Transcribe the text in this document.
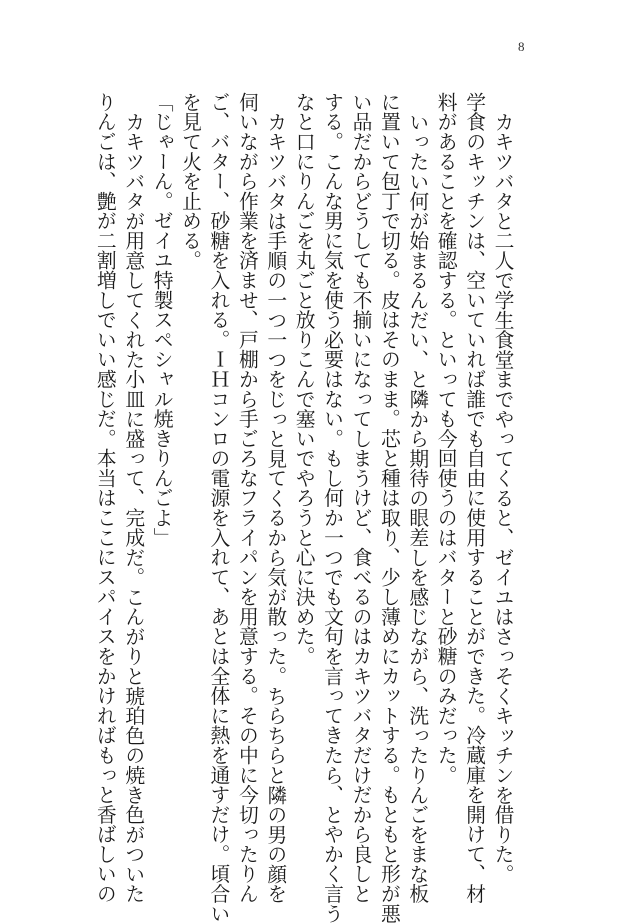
8

カキツバタと二人で学生食堂までやってくると、ゼイユはさっそくキッチンを借りた。

学食のキッチンは、空いていれば誰でも自由に使用することができた。冷蔵庫を開けて、材

料があることを確認する。といっても今回使うのはバターと砂糖のみだった。

いったい何が始まるんだい、と隣から期待の眼差しを感じながら、洗ったりんごをまな板

に置いて包丁で切る。皮はそのまま。芯と種は取り、少し薄めにカットする。もともと形が悪

い品だからどうしても不揃いになってしまうけど、食べるのはカキツバタだけだから良しと

する。こんな男に気を使う必要はない。もし何か一つでも文句を言ってきたら、とやかく言う

なと口にりんごを丸ごと放りこんで塞いでやろうと心に決めた。

カキツバタは手順の一つ一つをじっと見てくるから気が散った。ちらちらと隣の男の顔を

伺いながら作業を済ませ、戸棚から手ごろなフライパンを用意する。その中に今切ったりん

ご、バター、砂糖を入れる。ＩＨコンロの電源を入れて、あとは全体に熱を通すだけ。頃合い

を見て火を止める。

「じゃーん。ゼイユ特製スペシャル焼きりんごよ」

カキツバタが用意してくれた小皿に盛って、完成だ。こんがりと琥珀色の焼き色がついた

りんごは、艶が二割増しでいい感じだ。本当はここにスパイスをかければもっと香ばしいの
